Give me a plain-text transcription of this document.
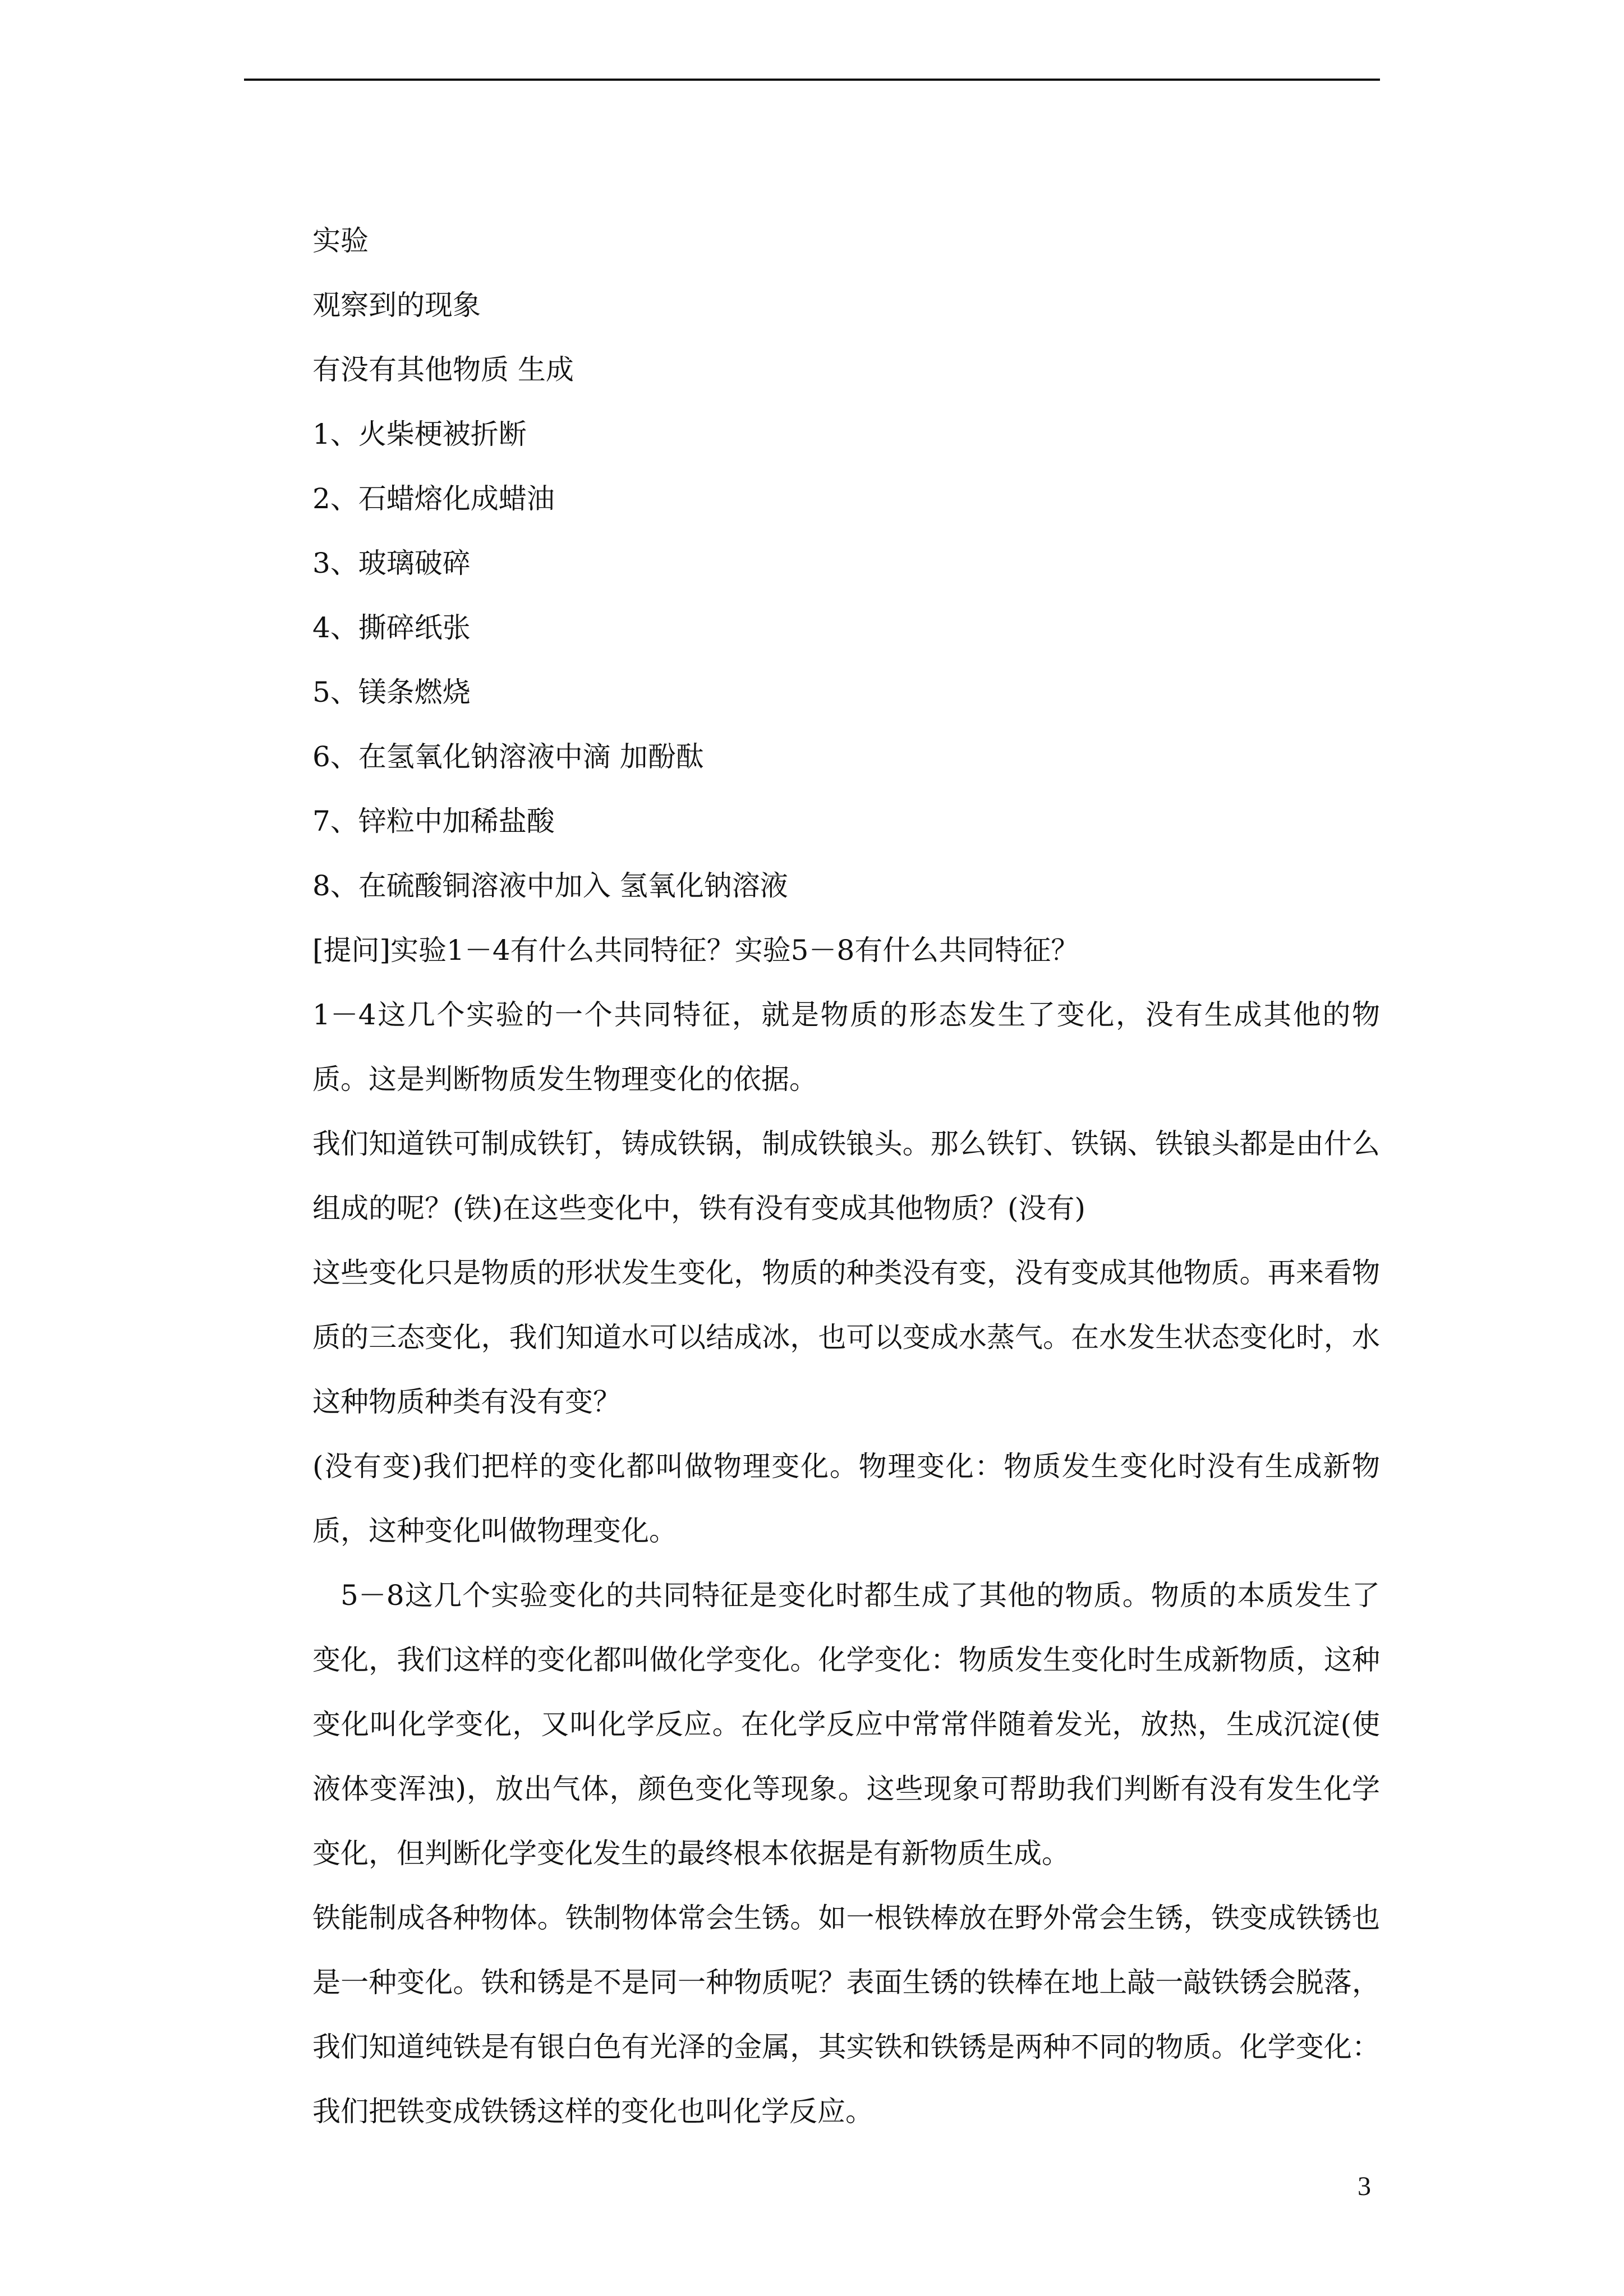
实验
观察到的现象
有没有其他物质 生成
1、火柴梗被折断
2、石蜡熔化成蜡油
3、玻璃破碎
4、撕碎纸张
5、镁条燃烧
6、在氢氧化钠溶液中滴 加酚酞
7、锌粒中加稀盐酸
8、在硫酸铜溶液中加入 氢氧化钠溶液

[提问]实验1－4有什么共同特征？实验5－8有什么共同特征？

1－4这几个实验的一个共同特征，就是物质的形态发生了变化，没有生成其他的物质。这是判断物质发生物理变化的依据。

我们知道铁可制成铁钉，铸成铁锅，制成铁锒头。那么铁钉、铁锅、铁锒头都是由什么组成的呢？(铁)在这些变化中，铁有没有变成其他物质？(没有)

这些变化只是物质的形状发生变化，物质的种类没有变，没有变成其他物质。再来看物质的三态变化，我们知道水可以结成冰，也可以变成水蒸气。在水发生状态变化时，水这种物质种类有没有变？

(没有变)我们把样的变化都叫做物理变化。物理变化：物质发生变化时没有生成新物质，这种变化叫做物理变化。

5－8这几个实验变化的共同特征是变化时都生成了其他的物质。物质的本质发生了变化，我们这样的变化都叫做化学变化。化学变化：物质发生变化时生成新物质，这种变化叫化学变化，又叫化学反应。在化学反应中常常伴随着发光，放热，生成沉淀(使液体变浑浊)，放出气体，颜色变化等现象。这些现象可帮助我们判断有没有发生化学变化，但判断化学变化发生的最终根本依据是有新物质生成。

铁能制成各种物体。铁制物体常会生锈。如一根铁棒放在野外常会生锈，铁变成铁锈也是一种变化。铁和锈是不是同一种物质呢？表面生锈的铁棒在地上敲一敲铁锈会脱落，我们知道纯铁是有银白色有光泽的金属，其实铁和铁锈是两种不同的物质。化学变化：我们把铁变成铁锈这样的变化也叫化学反应。

3
